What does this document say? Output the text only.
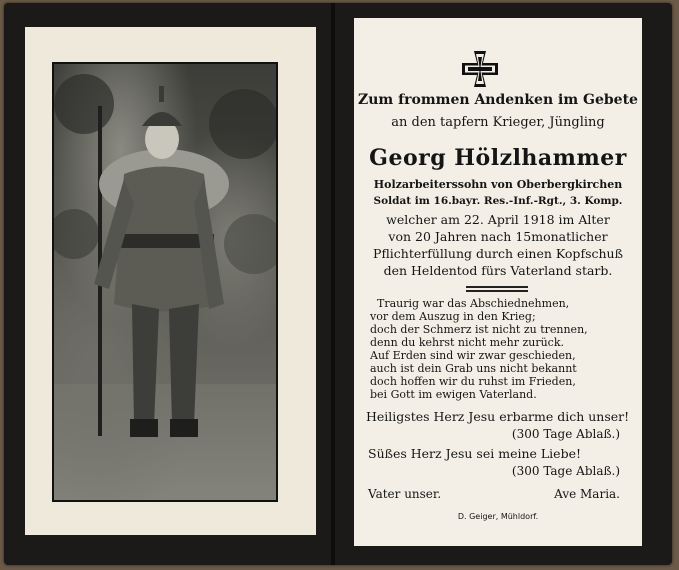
Zum frommen Andenken im Gebete
an den tapfern Krieger, Jüngling
Georg Hölzlhammer
Holzarbeiterssohn von Oberbergkirchen
Soldat im 16.bayr. Res.-Inf.-Rgt., 3. Komp.
welcher am 22. April 1918 im Alter
von 20 Jahren nach 15monatlicher
Pflichterfüllung durch einen Kopfschuß
den Heldentod fürs Vaterland starb.
Traurig war das Abschiednehmen,
vor dem Auszug in den Krieg;
doch der Schmerz ist nicht zu trennen,
denn du kehrst nicht mehr zurück.
Auf Erden sind wir zwar geschieden,
auch ist dein Grab uns nicht bekannt
doch hoffen wir du ruhst im Frieden,
bei Gott im ewigen Vaterland.
Heiligstes Herz Jesu erbarme dich unser!
(300 Tage Ablaß.)
Süßes Herz Jesu sei meine Liebe!
(300 Tage Ablaß.)
Vater unser.	Ave Maria.
D. Geiger, Mühldorf.
